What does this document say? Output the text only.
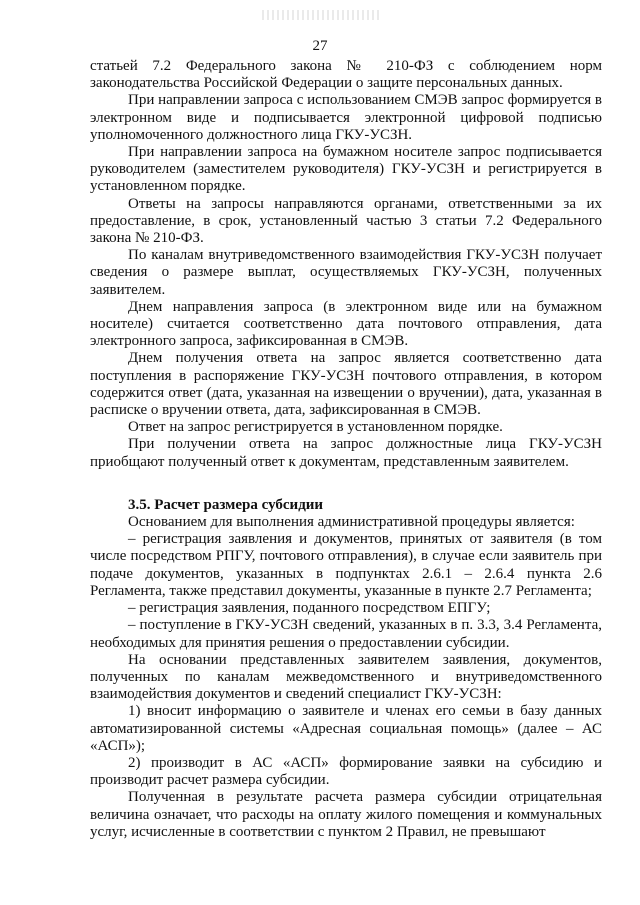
27

статьей 7.2 Федерального закона № 210-ФЗ с соблюдением норм законодательства Российской Федерации о защите персональных данных.

При направлении запроса с использованием СМЭВ запрос формируется в электронном виде и подписывается электронной цифровой подписью уполномоченного должностного лица ГКУ-УСЗН.

При направлении запроса на бумажном носителе запрос подписывается руководителем (заместителем руководителя) ГКУ-УСЗН и регистрируется в установленном порядке.

Ответы на запросы направляются органами, ответственными за их предоставление, в срок, установленный частью 3 статьи 7.2 Федерального закона № 210-ФЗ.

По каналам внутриведомственного взаимодействия ГКУ-УСЗН получает сведения о размере выплат, осуществляемых ГКУ-УСЗН, полученных заявителем.

Днем направления запроса (в электронном виде или на бумажном носителе) считается соответственно дата почтового отправления, дата электронного запроса, зафиксированная в СМЭВ.

Днем получения ответа на запрос является соответственно дата поступления в распоряжение ГКУ-УСЗН почтового отправления, в котором содержится ответ (дата, указанная на извещении о вручении), дата, указанная в расписке о вручении ответа, дата, зафиксированная в СМЭВ.

Ответ на запрос регистрируется в установленном порядке.

При получении ответа на запрос должностные лица ГКУ-УСЗН приобщают полученный ответ к документам, представленным заявителем.

3.5. Расчет размера субсидии

Основанием для выполнения административной процедуры является:

– регистрация заявления и документов, принятых от заявителя (в том числе посредством РПГУ, почтового отправления), в случае если заявитель при подаче документов, указанных в подпунктах 2.6.1 – 2.6.4 пункта 2.6 Регламента, также представил документы, указанные в пункте 2.7 Регламента;

– регистрация заявления, поданного посредством ЕПГУ;

– поступление в ГКУ-УСЗН сведений, указанных в п. 3.3, 3.4 Регламента, необходимых для принятия решения о предоставлении субсидии.

На основании представленных заявителем заявления, документов, полученных по каналам межведомственного и внутриведомственного взаимодействия документов и сведений специалист ГКУ-УСЗН:

1) вносит информацию о заявителе и членах его семьи в базу данных автоматизированной системы «Адресная социальная помощь» (далее – АС «АСП»);

2) производит в АС «АСП» формирование заявки на субсидию и производит расчет размера субсидии.

Полученная в результате расчета размера субсидии отрицательная величина означает, что расходы на оплату жилого помещения и коммунальных услуг, исчисленные в соответствии с пунктом 2 Правил, не превышают
